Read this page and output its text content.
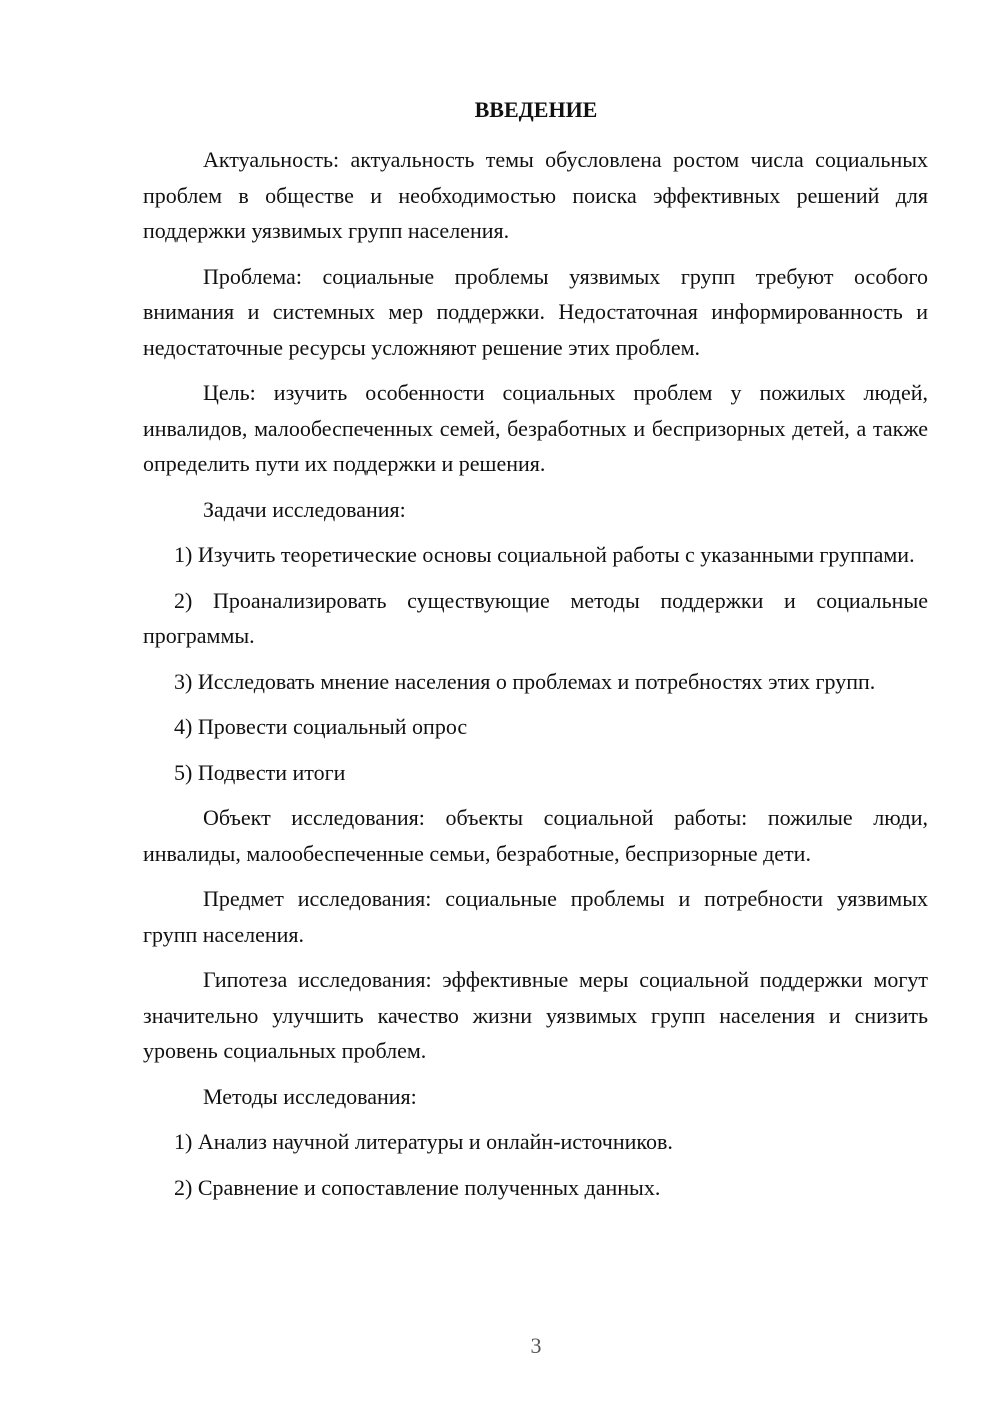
ВВЕДЕНИЕ

Актуальность: актуальность темы обусловлена ростом числа социальных проблем в обществе и необходимостью поиска эффективных решений для поддержки уязвимых групп населения.

Проблема: социальные проблемы уязвимых групп требуют особого внимания и системных мер поддержки. Недостаточная информированность и недостаточные ресурсы усложняют решение этих проблем.

Цель: изучить особенности социальных проблем у пожилых людей, инвалидов, малообеспеченных семей, безработных и беспризорных детей, а также определить пути их поддержки и решения.

Задачи исследования:

1) Изучить теоретические основы социальной работы с указанными группами.

2) Проанализировать существующие методы поддержки и социальные программы.

3) Исследовать мнение населения о проблемах и потребностях этих групп.

4) Провести социальный опрос

5) Подвести итоги

Объект исследования: объекты социальной работы: пожилые люди, инвалиды, малообеспеченные семьи, безработные, беспризорные дети.

Предмет исследования: социальные проблемы и потребности уязвимых групп населения.

Гипотеза исследования: эффективные меры социальной поддержки могут значительно улучшить качество жизни уязвимых групп населения и снизить уровень социальных проблем.

Методы исследования:

1) Анализ научной литературы и онлайн-источников.

2) Сравнение и сопоставление полученных данных.

3
